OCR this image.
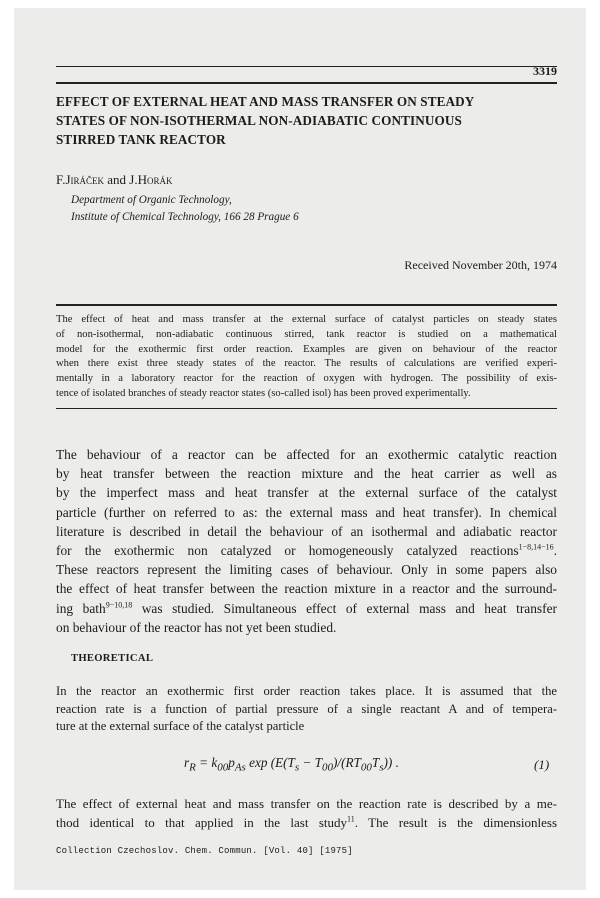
3319
EFFECT OF EXTERNAL HEAT AND MASS TRANSFER ON STEADY
STATES OF NON-ISOTHERMAL NON-ADIABATIC CONTINUOUS
STIRRED TANK REACTOR
F.Jiráček and J.Horák
Department of Organic Technology,
Institute of Chemical Technology, 166 28 Prague 6
Received November 20th, 1974
The effect of heat and mass transfer at the external surface of catalyst particles on steady states
of non-isothermal, non-adiabatic continuous stirred, tank reactor is studied on a mathematical
model for the exothermic first order reaction. Examples are given on behaviour of the reactor
when there exist three steady states of the reactor. The results of calculations are verified experi-
mentally in a laboratory reactor for the reaction of oxygen with hydrogen. The possibility of exis-
tence of isolated branches of steady reactor states (so-called isol) has been proved experimentally.
The behaviour of a reactor can be affected for an exothermic catalytic reaction
by heat transfer between the reaction mixture and the heat carrier as well as
by the imperfect mass and heat transfer at the external surface of the catalyst
particle (further on referred to as: the external mass and heat transfer). In chemical
literature is described in detail the behaviour of an isothermal and adiabatic reactor
for the exothermic non catalyzed or homogeneously catalyzed reactions$^{1-8,14-16}$.
These reactors represent the limiting cases of behaviour. Only in some papers also
the effect of heat transfer between the reaction mixture in a reactor and the surround-
ing bath$^{9-10,18}$ was studied. Simultaneous effect of external mass and heat transfer
on behaviour of the reactor has not yet been studied.
THEORETICAL
In the reactor an exothermic first order reaction takes place. It is assumed that the
reaction rate is a function of partial pressure of a single reactant A and of tempera-
ture at the external surface of the catalyst particle
$r_R = k_{00}p_{As}$ $\exp (E(T_s - T_{00})/(RT_{00}T_s))$ .	(1)
The effect of external heat and mass transfer on the reaction rate is described by a me-
thod identical to that applied in the last study$^{11}$. The result is the dimensionless
Collection Czechoslov. Chem. Commun. [Vol. 40] [1975]
